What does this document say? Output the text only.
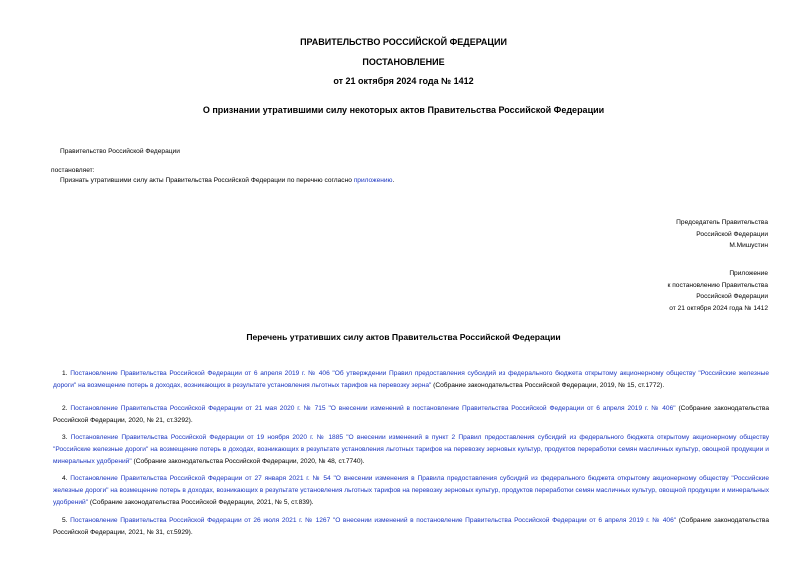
ПРАВИТЕЛЬСТВО РОССИЙСКОЙ ФЕДЕРАЦИИ
ПОСТАНОВЛЕНИЕ
от 21 октября 2024 года № 1412
О признании утратившими силу некоторых актов Правительства Российской Федерации
Правительство Российской Федерации
постановляет:
Признать утратившими силу акты Правительства Российской Федерации по перечню согласно приложению.
Председатель Правительства
Российской Федерации
М.Мишустин
Приложение
к постановлению Правительства
Российской Федерации
от 21 октября 2024 года № 1412
Перечень утративших силу актов Правительства Российской Федерации
1. Постановление Правительства Российской Федерации от 6 апреля 2019 г. № 406 "Об утверждении Правил предоставления субсидий из федерального бюджета открытому акционерному обществу "Российские железные дороги" на возмещение потерь в доходах, возникающих в результате установления льготных тарифов на перевозку зерна" (Собрание законодательства Российской Федерации, 2019, № 15, ст.1772).
2. Постановление Правительства Российской Федерации от 21 мая 2020 г. № 715 "О внесении изменений в постановление Правительства Российской Федерации от 6 апреля 2019 г. № 406" (Собрание законодательства Российской Федерации, 2020, № 21, ст.3292).
3. Постановление Правительства Российской Федерации от 19 ноября 2020 г. № 1885 "О внесении изменений в пункт 2 Правил предоставления субсидий из федерального бюджета открытому акционерному обществу "Российские железные дороги" на возмещение потерь в доходах, возникающих в результате установления льготных тарифов на перевозку зерновых культур, продуктов переработки семян масличных культур, овощной продукции и минеральных удобрений" (Собрание законодательства Российской Федерации, 2020, № 48, ст.7740).
4. Постановление Правительства Российской Федерации от 27 января 2021 г. № 54 "О внесении изменения в Правила предоставления субсидий из федерального бюджета открытому акционерному обществу "Российские железные дороги" на возмещение потерь в доходах, возникающих в результате установления льготных тарифов на перевозку зерновых культур, продуктов переработки семян масличных культур, овощной продукции и минеральных удобрений" (Собрание законодательства Российской Федерации, 2021, № 5, ст.839).
5. Постановление Правительства Российской Федерации от 26 июля 2021 г. № 1267 "О внесении изменений в постановление Правительства Российской Федерации от 6 апреля 2019 г. № 406" (Собрание законодательства Российской Федерации, 2021, № 31, ст.5929).
